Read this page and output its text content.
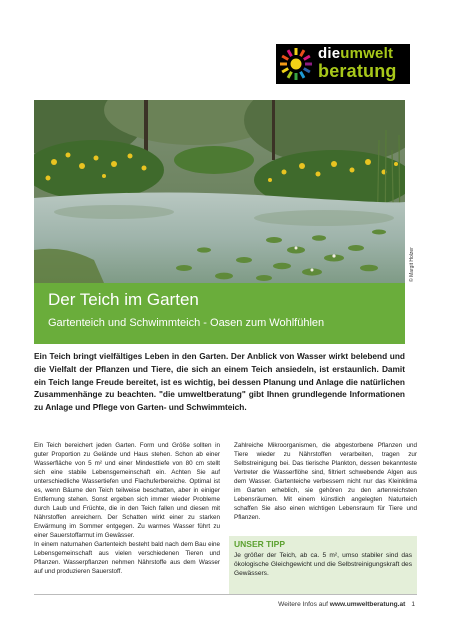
dieumwelt
beratung
© Margit Holzer
Der Teich im Garten
Gartenteich und Schwimmteich - Oasen zum Wohlfühlen

Ein Teich bringt vielfältiges Leben in den Garten. Der Anblick von Wasser wirkt belebend und die Vielfalt der Pflanzen und Tiere, die sich an einem Teich ansiedeln, ist erstaunlich. Damit ein Teich lange Freude bereitet, ist es wichtig, bei dessen Planung und Anlage die natürlichen Zusammenhänge zu beachten. "die umweltberatung" gibt Ihnen grundlegende Informationen zu Anlage und Pflege von Garten- und Schwimmteich.

Ein Teich bereichert jeden Garten. Form und Größe sollten in guter Proportion zu Gelände und Haus stehen. Schon ab einer Wasserfläche von 5 m² und einer Mindesttiefe von 80 cm stellt sich eine stabile Lebensgemeinschaft ein. Achten Sie auf unterschiedliche Wassertiefen und Flachuferbereiche. Optimal ist es, wenn Bäume den Teich teilweise beschatten, aber in einiger Entfernung stehen. Sonst ergeben sich immer wieder Probleme durch Laub und Früchte, die in den Teich fallen und diesen mit Nährstoffen anreichern. Der Schatten wirkt einer zu starken Erwärmung im Sommer entgegen. Zu warmes Wasser führt zu einer Sauerstoffarmut im Gewässer.

In einem naturnahen Gartenteich besteht bald nach dem Bau eine Lebensgemeinschaft aus vielen verschiedenen Tieren und Pflanzen. Wasserpflanzen nehmen Nährstoffe aus dem Wasser auf und produzieren Sauerstoff.

Zahlreiche Mikroorganismen, die abgestorbene Pflanzen und Tiere wieder zu Nährstoffen verarbeiten, tragen zur Selbstreinigung bei. Das tierische Plankton, dessen bekannteste Vertreter die Wasserflöhe sind, filtriert schwebende Algen aus dem Wasser. Gartenteiche verbessern nicht nur das Kleinklima im Garten erheblich, sie gehören zu den artenreichsten Lebensräumen. Mit einem künstlich angelegten Naturteich schaffen Sie also einen wichtigen Lebensraum für Tiere und Pflanzen.

UNSER TIPP
Je größer der Teich, ab ca. 5 m², umso stabiler sind das ökologische Gleichgewicht und die Selbstreinigungskraft des Gewässers.
Weitere Infos auf www.umweltberatung.at 1
